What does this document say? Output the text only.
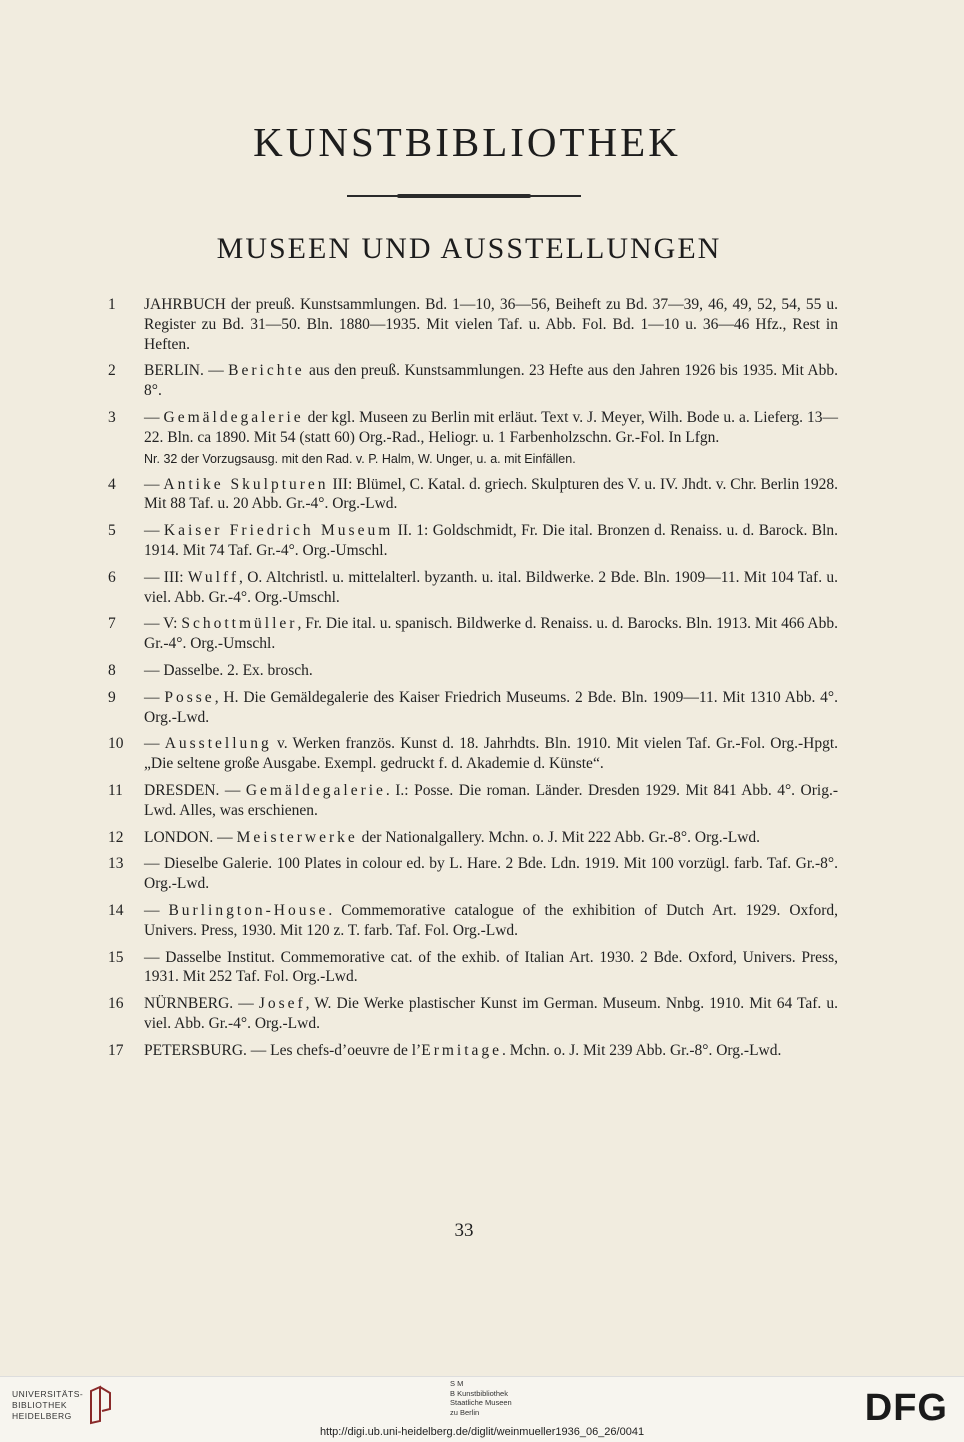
KUNSTBIBLIOTHEK
MUSEEN UND AUSSTELLUNGEN
1	JAHRBUCH der preuß. Kunstsammlungen. Bd. 1—10, 36—56, Beiheft zu Bd. 37—39, 46, 49, 52, 54, 55 u. Register zu Bd. 31—50. Bln. 1880—1935. Mit vielen Taf. u. Abb. Fol. Bd. 1—10 u. 36—46 Hfz., Rest in Heften.
2	BERLIN. — Berichte aus den preuß. Kunstsammlungen. 23 Hefte aus den Jahren 1926 bis 1935. Mit Abb. 8°.
3	— Gemäldegalerie der kgl. Museen zu Berlin mit erläut. Text v. J. Meyer, Wilh. Bode u. a. Lieferg. 13—22. Bln. ca 1890. Mit 54 (statt 60) Org.-Rad., Heliogr. u. 1 Farbenholzschn. Gr.-Fol. In Lfgn.
Nr. 32 der Vorzugsausg. mit den Rad. v. P. Halm, W. Unger, u. a. mit Einfällen.
4	— Antike Skulpturen III: Blümel, C. Katal. d. griech. Skulpturen des V. u. IV. Jhdt. v. Chr. Berlin 1928. Mit 88 Taf. u. 20 Abb. Gr.-4°. Org.-Lwd.
5	— Kaiser Friedrich Museum II. 1: Goldschmidt, Fr. Die ital. Bronzen d. Renaiss. u. d. Barock. Bln. 1914. Mit 74 Taf. Gr.-4°. Org.-Umschl.
6	— III: Wulff, O. Altchristl. u. mittelalterl. byzanth. u. ital. Bildwerke. 2 Bde. Bln. 1909—11. Mit 104 Taf. u. viel. Abb. Gr.-4°. Org.-Umschl.
7	— V: Schottmüller, Fr. Die ital. u. spanisch. Bildwerke d. Renaiss. u. d. Barocks. Bln. 1913. Mit 466 Abb. Gr.-4°. Org.-Umschl.
8	— Dasselbe. 2. Ex. brosch.
9	— Posse, H. Die Gemäldegalerie des Kaiser Friedrich Museums. 2 Bde. Bln. 1909—11. Mit 1310 Abb. 4°. Org.-Lwd.
10	— Ausstellung v. Werken französ. Kunst d. 18. Jahrhdts. Bln. 1910. Mit vielen Taf. Gr.-Fol. Org.-Hpgt. „Die seltene große Ausgabe. Exempl. gedruckt f. d. Akademie d. Künste“.
11	DRESDEN. — Gemäldegalerie. I.: Posse. Die roman. Länder. Dresden 1929. Mit 841 Abb. 4°. Orig.-Lwd. Alles, was erschienen.
12	LONDON. — Meisterwerke der Nationalgallery. Mchn. o. J. Mit 222 Abb. Gr.-8°. Org.-Lwd.
13	— Dieselbe Galerie. 100 Plates in colour ed. by L. Hare. 2 Bde. Ldn. 1919. Mit 100 vorzügl. farb. Taf. Gr.-8°. Org.-Lwd.
14	— Burlington-House. Commemorative catalogue of the exhibition of Dutch Art. 1929. Oxford, Univers. Press, 1930. Mit 120 z. T. farb. Taf. Fol. Org.-Lwd.
15	— Dasselbe Institut. Commemorative cat. of the exhib. of Italian Art. 1930. 2 Bde. Oxford, Univers. Press, 1931. Mit 252 Taf. Fol. Org.-Lwd.
16	NÜRNBERG. — Josef, W. Die Werke plastischer Kunst im German. Museum. Nnbg. 1910. Mit 64 Taf. u. viel. Abb. Gr.-4°. Org.-Lwd.
17	PETERSBURG. — Les chefs-d’oeuvre de l’Ermitage. Mchn. o. J. Mit 239 Abb. Gr.-8°. Org.-Lwd.
33
UNIVERSITÄTS-
BIBLIOTHEK
HEIDELBERG
S M
B Kunstbibliothek
Staatliche Museen
zu Berlin	DFG
http://digi.ub.uni-heidelberg.de/diglit/weinmueller1936_06_26/0041
